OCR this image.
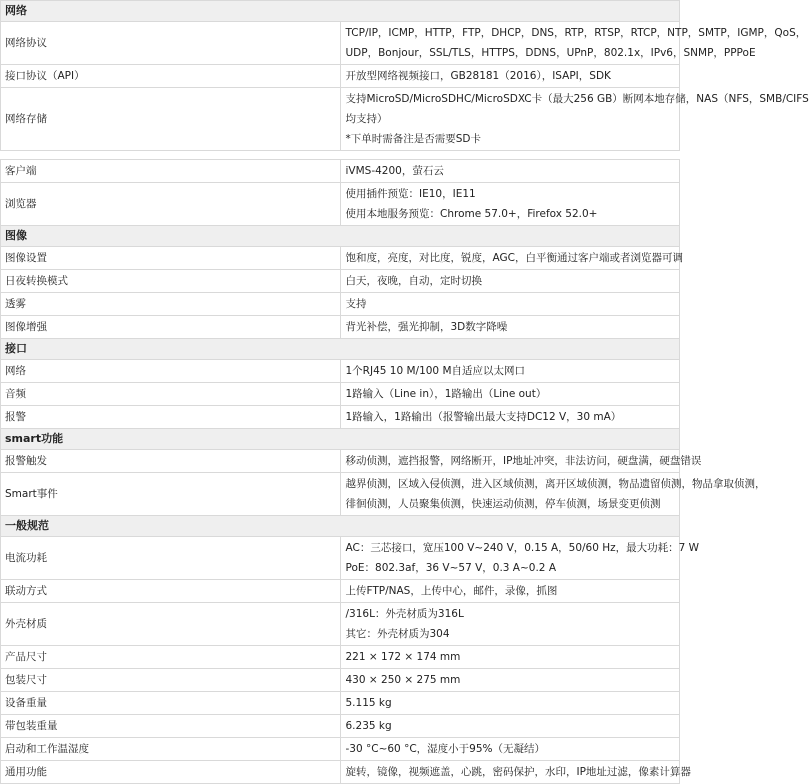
网络	
网络协议	TCP/IP，ICMP，HTTP，FTP，DHCP，DNS，RTP，RTSP，RTCP，NTP，SMTP，IGMP，QoS，
UDP，Bonjour，SSL/TLS，HTTPS，DDNS，UPnP，802.1x，IPv6，SNMP，PPPoE

接口协议（API）	开放型网络视频接口，GB28181（2016），ISAPI，SDK

网络存储	支持MicroSD/MicroSDHC/MicroSDXC卡（最大256 GB）断网本地存储，NAS（NFS，SMB/CIFS
均支持）
*下单时需备注是否需要SD卡

客户端	iVMS-4200，萤石云

浏览器	使用插件预览：IE10，IE11
使用本地服务预览：Chrome 57.0+，Firefox 52.0+

图像	
图像设置	饱和度，亮度，对比度，锐度，AGC，白平衡通过客户端或者浏览器可调

日夜转换模式	白天，夜晚，自动，定时切换

透雾	支持

图像增强	背光补偿，强光抑制，3D数字降噪

接口	
网络	1个RJ45 10 M/100 M自适应以太网口

音频	1路输入（Line in），1路输出（Line out）

报警	1路输入，1路输出（报警输出最大支持DC12 V，30 mA）

smart功能	
报警触发	移动侦测，遮挡报警，网络断开，IP地址冲突，非法访问，硬盘满，硬盘错误

Smart事件	越界侦测，区域入侵侦测，进入区域侦测，离开区域侦测，物品遗留侦测，物品拿取侦测，
徘徊侦测，人员聚集侦测，快速运动侦测，停车侦测，场景变更侦测

一般规范	
电流功耗	AC：三芯接口，宽压100 V~240 V，0.15 A，50/60 Hz，最大功耗：7 W
PoE：802.3af，36 V~57 V，0.3 A~0.2 A

联动方式	上传FTP/NAS，上传中心，邮件，录像，抓图

外壳材质	/316L：外壳材质为316L
其它：外壳材质为304

产品尺寸	221 × 172 × 174 mm

包装尺寸	430 × 250 × 275 mm

设备重量	5.115 kg

带包装重量	6.235 kg

启动和工作温湿度	-30 °C~60 °C，湿度小于95%（无凝结）

通用功能	旋转，镜像，视频遮盖，心跳，密码保护，水印，IP地址过滤，像素计算器
